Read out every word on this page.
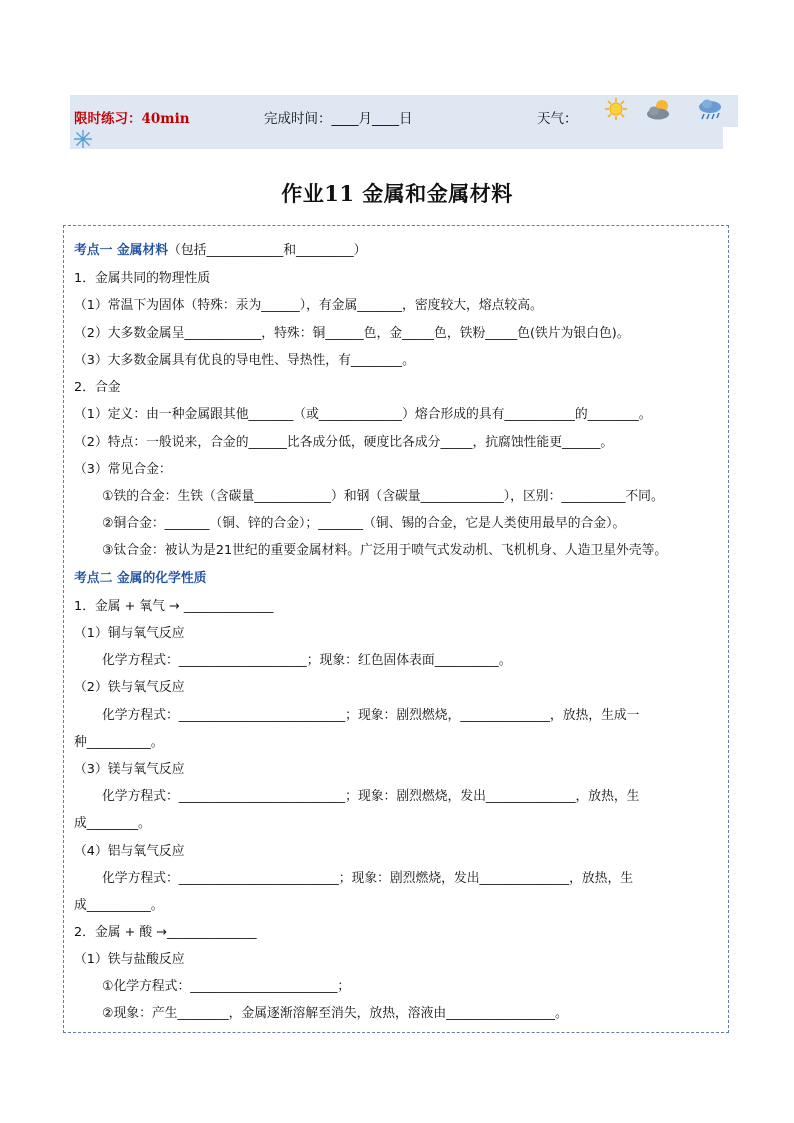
限时练习：40min	完成时间：____月____日	天气：
作业11 金属和金属材料
考点一 金属材料（包括____________和_________）
1．金属共同的物理性质
（1）常温下为固体（特殊：汞为______），有金属_______，密度较大，熔点较高。
（2）大多数金属呈____________，特殊：铜______色，金_____色，铁粉_____色(铁片为银白色)。
（3）大多数金属具有优良的导电性、导热性，有________。
2．合金
（1）定义：由一种金属跟其他_______（或_____________）熔合形成的具有___________的________。
（2）特点：一般说来，合金的______比各成分低，硬度比各成分_____，抗腐蚀性能更______。
（3）常见合金：
①铁的合金：生铁（含碳量____________）和钢（含碳量_____________），区别：__________不同。
②铜合金：_______（铜、锌的合金）；_______（铜、锡的合金，它是人类使用最早的合金）。
③钛合金：被认为是21世纪的重要金属材料。广泛用于喷气式发动机、飞机机身、人造卫星外壳等。
考点二 金属的化学性质
1．金属 + 氧气 → ______________
（1）铜与氧气反应
化学方程式：____________________；现象：红色固体表面__________。
（2）铁与氧气反应
化学方程式：__________________________；现象：剧烈燃烧，______________，放热，生成一
种__________。
（3）镁与氧气反应
化学方程式：__________________________；现象：剧烈燃烧，发出______________，放热，生
成________。
（4）铝与氧气反应
化学方程式：_________________________；现象：剧烈燃烧，发出______________，放热，生
成__________。
2．金属 + 酸 →______________
（1）铁与盐酸反应
①化学方程式：_______________________；
②现象：产生________，金属逐渐溶解至消失，放热，溶液由_________________。
